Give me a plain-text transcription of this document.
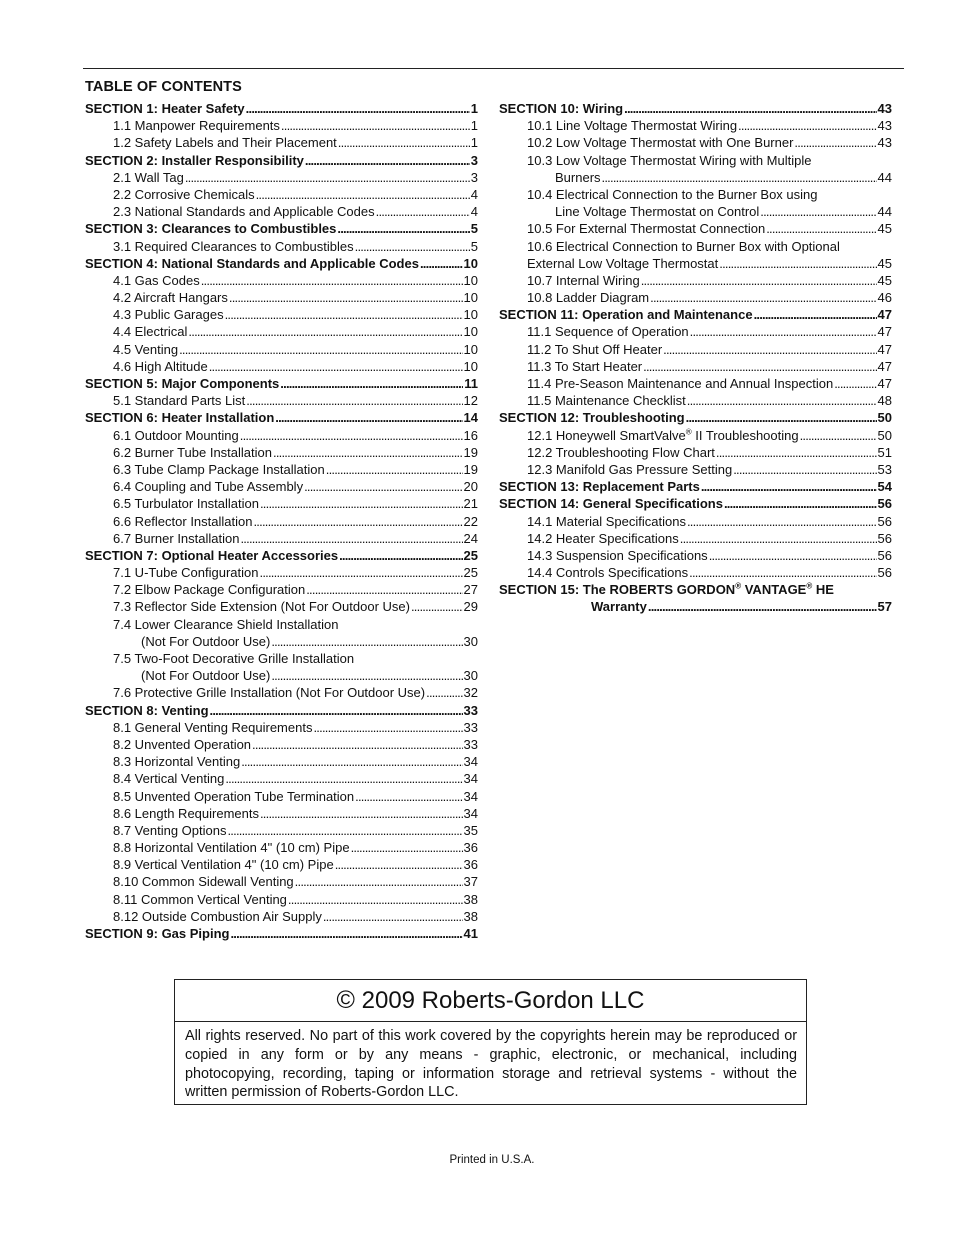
TABLE OF CONTENTS
SECTION 1: Heater Safety . . .	1
1.1 Manpower Requirements . . .	1
1.2 Safety Labels and Their Placement . . .	1
SECTION 2: Installer Responsibility . . .	3
2.1 Wall Tag . . .	3
2.2 Corrosive Chemicals . . .	4
2.3 National Standards and Applicable Codes . . .	4
SECTION 3: Clearances to Combustibles . . .	5
3.1 Required Clearances to Combustibles . . .	5
SECTION 4: National Standards and Applicable Codes . . .	10
4.1 Gas Codes . . .	10
4.2 Aircraft Hangars . . .	10
4.3 Public Garages . . .	10
4.4 Electrical . . .	10
4.5 Venting . . .	10
4.6 High Altitude . . .	10
SECTION 5: Major Components . . .	11
5.1 Standard Parts List . . .	12
SECTION 6: Heater Installation . . .	14
6.1 Outdoor Mounting . . .	16
6.2 Burner Tube Installation . . .	19
6.3 Tube Clamp Package Installation . . .	19
6.4 Coupling and Tube Assembly . . .	20
6.5 Turbulator Installation . . .	21
6.6 Reflector Installation . . .	22
6.7 Burner Installation . . .	24
SECTION 7: Optional Heater Accessories . . .	25
7.1 U-Tube Configuration . . .	25
7.2 Elbow Package Configuration . . .	27
7.3 Reflector Side Extension (Not For Outdoor Use) . . .	29
7.4 Lower Clearance Shield Installation
(Not For Outdoor Use) . . .	30
7.5 Two-Foot Decorative Grille Installation
(Not For Outdoor Use) . . .	30
7.6 Protective Grille Installation (Not For Outdoor Use) . . .	32
SECTION 8: Venting . . .	33
8.1 General Venting Requirements . . .	33
8.2 Unvented Operation . . .	33
8.3 Horizontal Venting . . .	34
8.4 Vertical Venting . . .	34
8.5 Unvented Operation Tube Termination . . .	34
8.6 Length Requirements . . .	34
8.7 Venting Options . . .	35
8.8 Horizontal Ventilation 4" (10 cm) Pipe . . .	36
8.9 Vertical Ventilation 4" (10 cm) Pipe . . .	36
8.10 Common Sidewall Venting . . .	37
8.11 Common Vertical Venting . . .	38
8.12 Outside Combustion Air Supply . . .	38
SECTION 9: Gas Piping . . .	41
SECTION 10: Wiring . . .	43
10.1 Line Voltage Thermostat Wiring . . .	43
10.2 Low Voltage Thermostat with One Burner . . .	43
10.3 Low Voltage Thermostat Wiring with Multiple
Burners . . .	44
10.4 Electrical Connection to the Burner Box using
Line Voltage Thermostat on Control . . .	44
10.5 For External Thermostat Connection . . .	45
10.6 Electrical Connection to Burner Box with Optional
External Low Voltage Thermostat . . .	45
10.7 Internal Wiring . . .	45
10.8 Ladder Diagram . . .	46
SECTION 11: Operation and Maintenance . . .	47
11.1 Sequence of Operation . . .	47
11.2 To Shut Off Heater . . .	47
11.3 To Start Heater . . .	47
11.4 Pre-Season Maintenance and Annual Inspection . . .	47
11.5 Maintenance Checklist . . .	48
SECTION 12: Troubleshooting . . .	50
12.1 Honeywell SmartValve® II Troubleshooting . . .	50
12.2 Troubleshooting Flow Chart . . .	51
12.3 Manifold Gas Pressure Setting . . .	53
SECTION 13: Replacement Parts . . .	54
SECTION 14: General Specifications . . .	56
14.1 Material Specifications . . .	56
14.2 Heater Specifications . . .	56
14.3 Suspension Specifications . . .	56
14.4 Controls Specifications . . .	56
SECTION 15: The ROBERTS GORDON® VANTAGE® HE
Warranty . . .	57
© 2009 Roberts-Gordon LLC
All rights reserved. No part of this work covered by the copyrights herein may be reproduced or copied in any form or by any means - graphic, electronic, or mechanical, including photocopying, recording, taping or information storage and retrieval systems - without the written permission of Roberts-Gordon LLC.
Printed in U.S.A.
